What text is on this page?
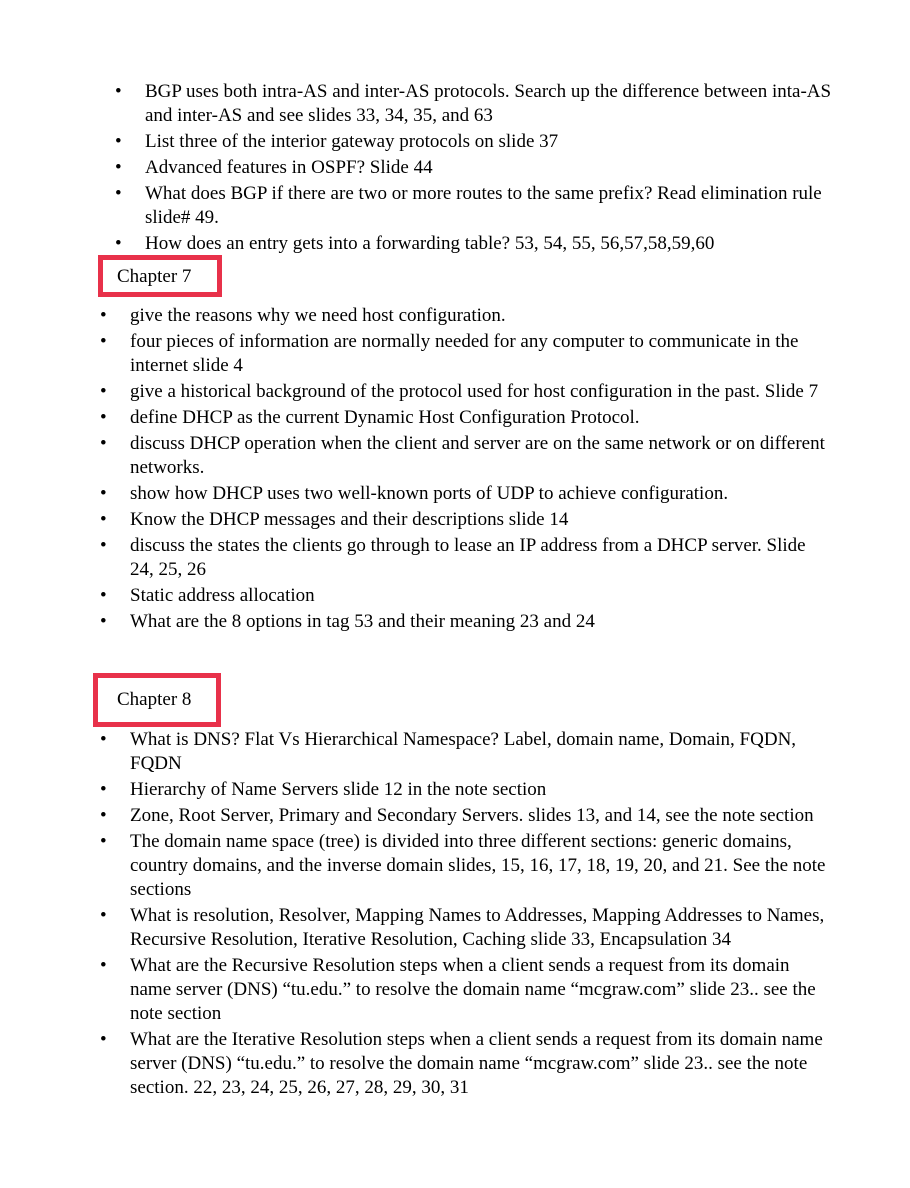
• BGP uses both intra-AS and inter-AS protocols. Search up the difference between inta-AS and inter-AS and see slides 33, 34, 35, and 63
• List three of the interior gateway protocols on slide 37
• Advanced features in OSPF? Slide 44
• What does BGP if there are two or more routes to the same prefix? Read elimination rule slide# 49.
• How does an entry gets into a forwarding table? 53, 54, 55, 56,57,58,59,60
Chapter 7
• give the reasons why we need host configuration.
• four pieces of information are normally needed for any computer to communicate in the internet slide 4
• give a historical background of the protocol used for host configuration in the past. Slide 7
• define DHCP as the current Dynamic Host Configuration Protocol.
• discuss DHCP operation when the client and server are on the same network or on different networks.
• show how DHCP uses two well-known ports of UDP to achieve configuration.
• Know the DHCP messages and their descriptions slide 14
• discuss the states the clients go through to lease an IP address from a DHCP server. Slide 24, 25, 26
• Static address allocation
• What are the 8 options in tag 53 and their meaning 23 and 24
Chapter 8
• What is DNS? Flat Vs Hierarchical Namespace? Label, domain name, Domain, FQDN, FQDN
• Hierarchy of Name Servers slide 12 in the note section
• Zone, Root Server, Primary and Secondary Servers. slides 13, and 14, see the note section
• The domain name space (tree) is divided into three different sections: generic domains, country domains, and the inverse domain slides, 15, 16, 17, 18, 19, 20, and 21. See the note sections
• What is resolution, Resolver, Mapping Names to Addresses, Mapping Addresses to Names, Recursive Resolution, Iterative Resolution, Caching slide 33, Encapsulation 34
• What are the Recursive Resolution steps when a client sends a request from its domain name server (DNS) “tu.edu.” to resolve the domain name “mcgraw.com” slide 23.. see the note section
• What are the Iterative Resolution steps when a client sends a request from its domain name server (DNS) “tu.edu.” to resolve the domain name “mcgraw.com” slide 23.. see the note section. 22, 23, 24, 25, 26, 27, 28, 29, 30, 31
